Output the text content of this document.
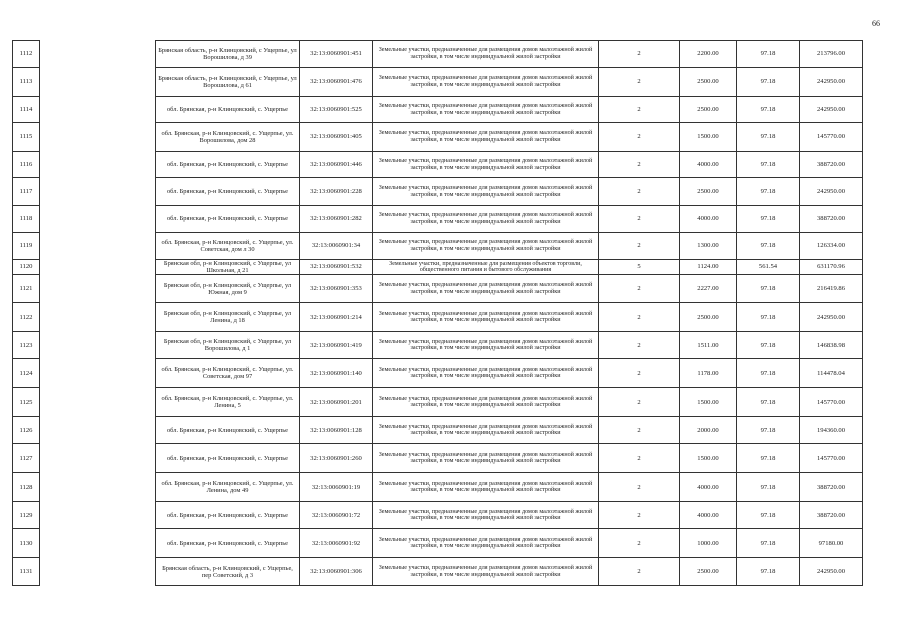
66
1112		Брянская область, р-н Клинцовский, с Ущерпье, ул Ворошилова, д 39	32:13:0060901:451	Земельные участки, предназначенные для размещения домов малоэтажной жилой застройки, в том числе индивидуальной жилой застройки	2	2200.00	97.18	213796.00
1113		Брянская область, р-н Клинцовский, с Ущерпье, ул Ворошилова, д 61	32:13:0060901:476	Земельные участки, предназначенные для размещения домов малоэтажной жилой застройки, в том числе индивидуальной жилой застройки	2	2500.00	97.18	242950.00
1114		обл. Брянская, р-н Клинцовский, с. Ущерпье	32:13:0060901:525	Земельные участки, предназначенные для размещения домов малоэтажной жилой застройки, в том числе индивидуальной жилой застройки	2	2500.00	97.18	242950.00
1115		обл. Брянская, р-н Клинцовский, с. Ущерпье, ул. Ворошилова, дом 28	32:13:0060901:405	Земельные участки, предназначенные для размещения домов малоэтажной жилой застройки, в том числе индивидуальной жилой застройки	2	1500.00	97.18	145770.00
1116		обл. Брянская, р-н Клинцовский, с. Ущерпье	32:13:0060901:446	Земельные участки, предназначенные для размещения домов малоэтажной жилой застройки, в том числе индивидуальной жилой застройки	2	4000.00	97.18	388720.00
1117		обл. Брянская, р-н Клинцовский, с. Ущерпье	32:13:0060901:228	Земельные участки, предназначенные для размещения домов малоэтажной жилой застройки, в том числе индивидуальной жилой застройки	2	2500.00	97.18	242950.00
1118		обл. Брянская, р-н Клинцовский, с. Ущерпье	32:13:0060901:282	Земельные участки, предназначенные для размещения домов малоэтажной жилой застройки, в том числе индивидуальной жилой застройки	2	4000.00	97.18	388720.00
1119		обл. Брянская, р-н Клинцовский, с. Ущерпье, ул. Советская, дом л 30	32:13:0060901:34	Земельные участки, предназначенные для размещения домов малоэтажной жилой застройки, в том числе индивидуальной жилой застройки	2	1300.00	97.18	126334.00
1120		Брянская обл, р-н Клинцовский, с Ущерпье, ул Школьная, д 21	32:13:0060901:532	Земельные участки, предназначенные для размещения объектов торговли, общественного питания и бытового обслуживания	5	1124.00	561.54	631170.96
1121		Брянская обл, р-н Клинцовский, с Ущерпье, ул Южная, дом 9	32:13:0060901:353	Земельные участки, предназначенные для размещения домов малоэтажной жилой застройки, в том числе индивидуальной жилой застройки	2	2227.00	97.18	216419.86
1122		Брянская обл, р-н Клинцовский, с Ущерпье, ул Ленина, д 18	32:13:0060901:214	Земельные участки, предназначенные для размещения домов малоэтажной жилой застройки, в том числе индивидуальной жилой застройки	2	2500.00	97.18	242950.00
1123		Брянская обл, р-н Клинцовский, с Ущерпье, ул Ворошилова, д 1	32:13:0060901:419	Земельные участки, предназначенные для размещения домов малоэтажной жилой застройки, в том числе индивидуальной жилой застройки	2	1511.00	97.18	146838.98
1124		обл. Брянская, р-н Клинцовский, с. Ущерпье, ул. Советская, дом 97	32:13:0060901:140	Земельные участки, предназначенные для размещения домов малоэтажной жилой застройки, в том числе индивидуальной жилой застройки	2	1178.00	97.18	114478.04
1125		обл. Брянская, р-н Клинцовский, с. Ущерпье, ул. Ленина, 5	32:13:0060901:201	Земельные участки, предназначенные для размещения домов малоэтажной жилой застройки, в том числе индивидуальной жилой застройки	2	1500.00	97.18	145770.00
1126		обл. Брянская, р-н Клинцовский, с. Ущерпье	32:13:0060901:128	Земельные участки, предназначенные для размещения домов малоэтажной жилой застройки, в том числе индивидуальной жилой застройки	2	2000.00	97.18	194360.00
1127		обл. Брянская, р-н Клинцовский, с. Ущерпье	32:13:0060901:260	Земельные участки, предназначенные для размещения домов малоэтажной жилой застройки, в том числе индивидуальной жилой застройки	2	1500.00	97.18	145770.00
1128		обл. Брянская, р-н Клинцовский, с. Ущерпье, ул. Ленина, дом 49	32:13:0060901:19	Земельные участки, предназначенные для размещения домов малоэтажной жилой застройки, в том числе индивидуальной жилой застройки	2	4000.00	97.18	388720.00
1129		обл. Брянская, р-н Клинцовский, с. Ущерпье	32:13:0060901:72	Земельные участки, предназначенные для размещения домов малоэтажной жилой застройки, в том числе индивидуальной жилой застройки	2	4000.00	97.18	388720.00
1130		обл. Брянская, р-н Клинцовский, с. Ущерпье	32:13:0060901:92	Земельные участки, предназначенные для размещения домов малоэтажной жилой застройки, в том числе индивидуальной жилой застройки	2	1000.00	97.18	97180.00
1131		Брянская область, р-н Клинцовский, с Ущерпье, пер Советский, д 3	32:13:0060901:306	Земельные участки, предназначенные для размещения домов малоэтажной жилой застройки, в том числе индивидуальной жилой застройки	2	2500.00	97.18	242950.00
